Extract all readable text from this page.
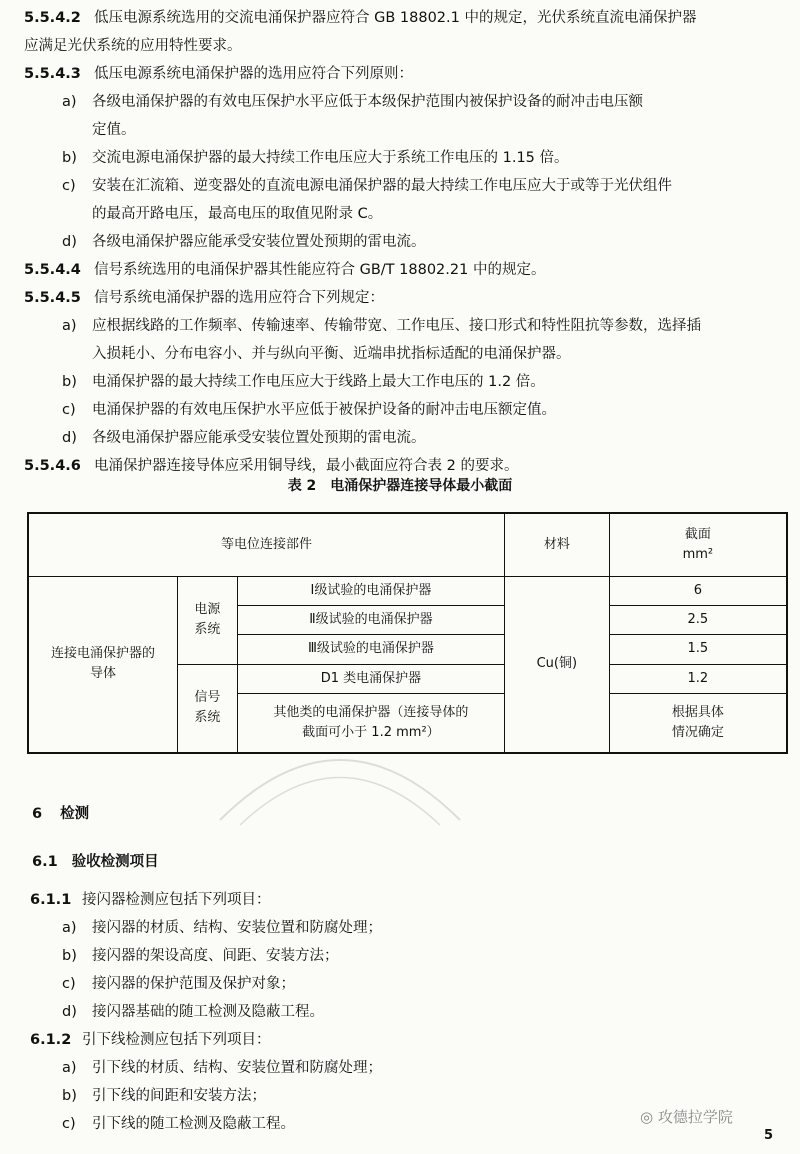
5.5.4.2 低压电源系统选用的交流电涌保护器应符合 GB 18802.1 中的规定，光伏系统直流电涌保护器
应满足光伏系统的应用特性要求。
5.5.4.3 低压电源系统电涌保护器的选用应符合下列原则：
a)	各级电涌保护器的有效电压保护水平应低于本级保护范围内被保护设备的耐冲击电压额
定值。
b)	交流电源电涌保护器的最大持续工作电压应大于系统工作电压的 1.15 倍。
c)	安装在汇流箱、逆变器处的直流电源电涌保护器的最大持续工作电压应大于或等于光伏组件
的最高开路电压，最高电压的取值见附录 C。
d)	各级电涌保护器应能承受安装位置处预期的雷电流。
5.5.4.4 信号系统选用的电涌保护器其性能应符合 GB/T 18802.21 中的规定。
5.5.4.5 信号系统电涌保护器的选用应符合下列规定：
a)	应根据线路的工作频率、传输速率、传输带宽、工作电压、接口形式和特性阻抗等参数，选择插
入损耗小、分布电容小、并与纵向平衡、近端串扰指标适配的电涌保护器。
b)	电涌保护器的最大持续工作电压应大于线路上最大工作电压的 1.2 倍。
c)	电涌保护器的有效电压保护水平应低于被保护设备的耐冲击电压额定值。
d)	各级电涌保护器应能承受安装位置处预期的雷电流。
5.5.4.6 电涌保护器连接导体应采用铜导线，最小截面应符合表 2 的要求。
表 2　电涌保护器连接导体最小截面
等电位连接部件			材料	截面
mm²
连接电涌保护器的导体	电源系统	Ⅰ级试验的电涌保护器	Cu(铜)	6
		Ⅱ级试验的电涌保护器		2.5
		Ⅲ级试验的电涌保护器		1.5
	信号系统	D1 类电涌保护器		1.2
		其他类的电涌保护器（连接导体的截面可小于 1.2 mm²）		根据具体情况确定
6 检测
6.1 验收检测项目
6.1.1 接闪器检测应包括下列项目：
a)	接闪器的材质、结构、安装位置和防腐处理；
b)	接闪器的架设高度、间距、安装方法；
c)	接闪器的保护范围及保护对象；
d)	接闪器基础的随工检测及隐蔽工程。
6.1.2 引下线检测应包括下列项目：
a)	引下线的材质、结构、安装位置和防腐处理；
b)	引下线的间距和安装方法；
c)	引下线的随工检测及隐蔽工程。	◎ 攻德拉学院
5
